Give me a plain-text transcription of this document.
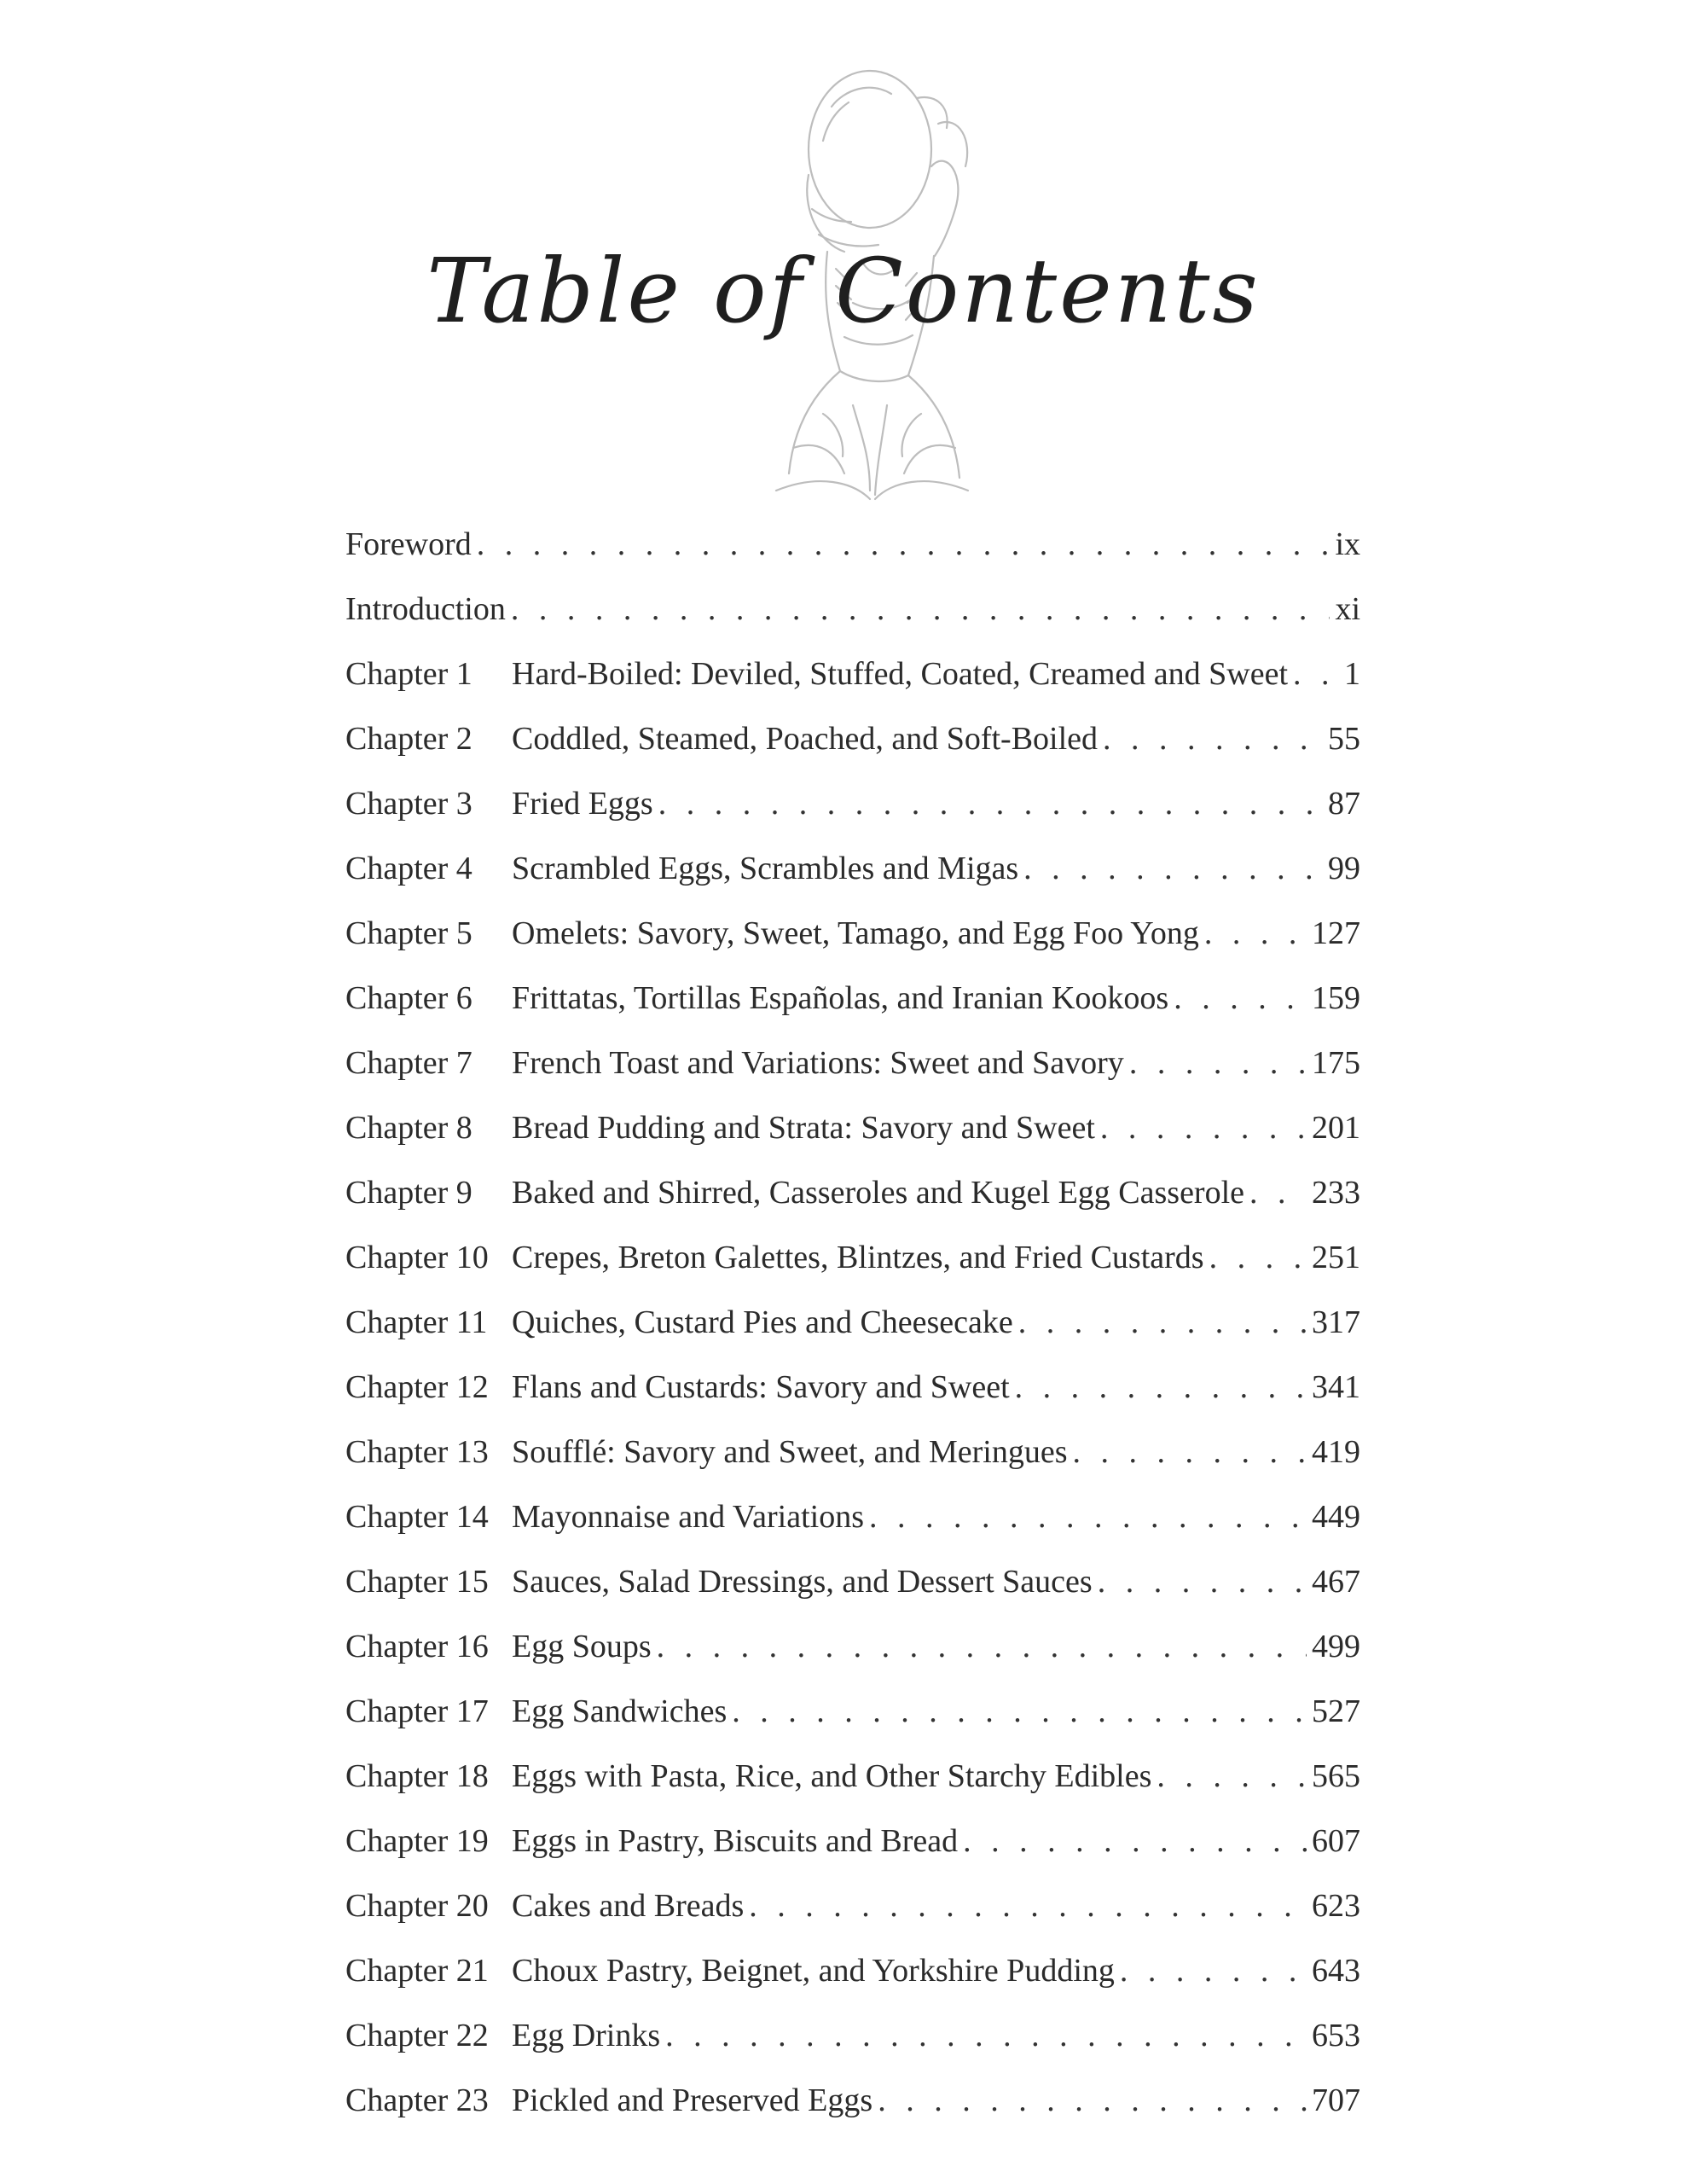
Table of Contents
Foreword . . .	ix
Introduction . . .	xi
Chapter 1	Hard-Boiled: Deviled, Stuffed, Coated, Creamed and Sweet . . . 1
Chapter 2	Coddled, Steamed, Poached, and Soft-Boiled . . .	55
Chapter 3	Fried Eggs . . .	87
Chapter 4	Scrambled Eggs, Scrambles and Migas . . .	99
Chapter 5	Omelets: Savory, Sweet, Tamago, and Egg Foo Yong . . .	127
Chapter 6	Frittatas, Tortillas Españolas, and Iranian Kookoos . . .	159
Chapter 7	French Toast and Variations: Sweet and Savory . . .	175
Chapter 8	Bread Pudding and Strata: Savory and Sweet . . .	201
Chapter 9	Baked and Shirred, Casseroles and Kugel Egg Casserole . . . 233
Chapter 10 Crepes, Breton Galettes, Blintzes, and Fried Custards . . .	251
Chapter 11 Quiches, Custard Pies and Cheesecake . . .	317
Chapter 12 Flans and Custards: Savory and Sweet . . .	341
Chapter 13 Soufflé: Savory and Sweet, and Meringues . . .	419
Chapter 14 Mayonnaise and Variations . . .	449
Chapter 15 Sauces, Salad Dressings, and Dessert Sauces . . .	467
Chapter 16 Egg Soups . . .	499
Chapter 17 Egg Sandwiches . . .	527
Chapter 18 Eggs with Pasta, Rice, and Other Starchy Edibles . . .	565
Chapter 19 Eggs in Pastry, Biscuits and Bread . . .	607
Chapter 20 Cakes and Breads . . .	623
Chapter 21 Choux Pastry, Beignet, and Yorkshire Pudding . . .	643
Chapter 22 Egg Drinks . . .	653
Chapter 23 Pickled and Preserved Eggs . . .	707
